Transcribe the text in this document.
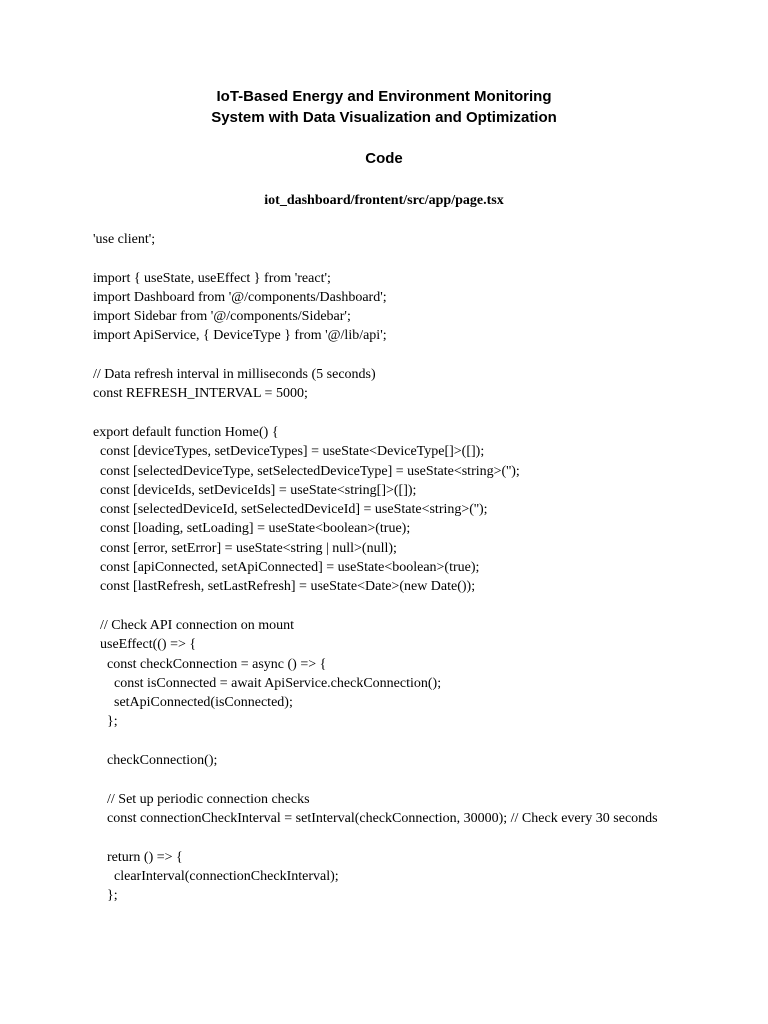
IoT-Based Energy and Environment Monitoring
System with Data Visualization and Optimization
Code
iot_dashboard/frontent/src/app/page.tsx
'use client';
import { useState, useEffect } from 'react';
import Dashboard from '@/components/Dashboard';
import Sidebar from '@/components/Sidebar';
import ApiService, { DeviceType } from '@/lib/api';
// Data refresh interval in milliseconds (5 seconds)
const REFRESH_INTERVAL = 5000;
export default function Home() {
const [deviceTypes, setDeviceTypes] = useState<DeviceType[]>([]);
const [selectedDeviceType, setSelectedDeviceType] = useState<string>('');
const [deviceIds, setDeviceIds] = useState<string[]>([]);
const [selectedDeviceId, setSelectedDeviceId] = useState<string>('');
const [loading, setLoading] = useState<boolean>(true);
const [error, setError] = useState<string | null>(null);
const [apiConnected, setApiConnected] = useState<boolean>(true);
const [lastRefresh, setLastRefresh] = useState<Date>(new Date());
// Check API connection on mount
useEffect(() => {
const checkConnection = async () => {
const isConnected = await ApiService.checkConnection();
setApiConnected(isConnected);
};
checkConnection();
// Set up periodic connection checks
const connectionCheckInterval = setInterval(checkConnection, 30000); // Check every 30 seconds
return () => {
clearInterval(connectionCheckInterval);
};
